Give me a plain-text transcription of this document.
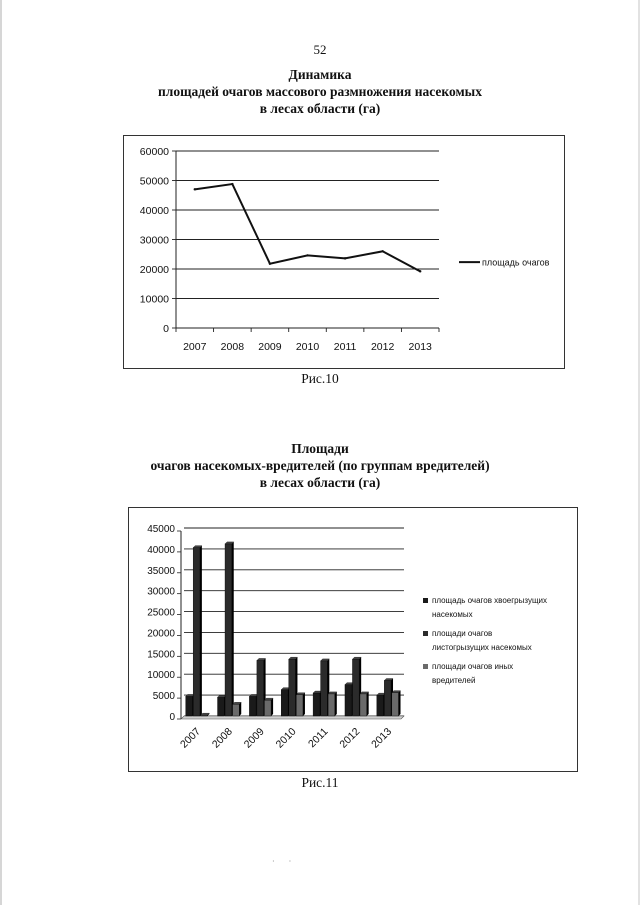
52
Динамика
площадей очагов массового размножения насекомых
в лесах области (га)
0
10000
20000
30000
40000
50000
60000
2007 2008 2009 2010 2011 2012 2013
площадь очагов
Рис.10
Площади
очагов насекомых-вредителей (по группам вредителей)
в лесах области (га)
0
5000
10000
15000
20000
25000
30000
35000
40000
45000
2007 2008 2009 2010 2011 2012 2013
площадь очагов хвоегрызущих
насекомых
площади очагов
листогрызущих насекомых
площади очагов иных
вредителей
Рис.11
· ·
